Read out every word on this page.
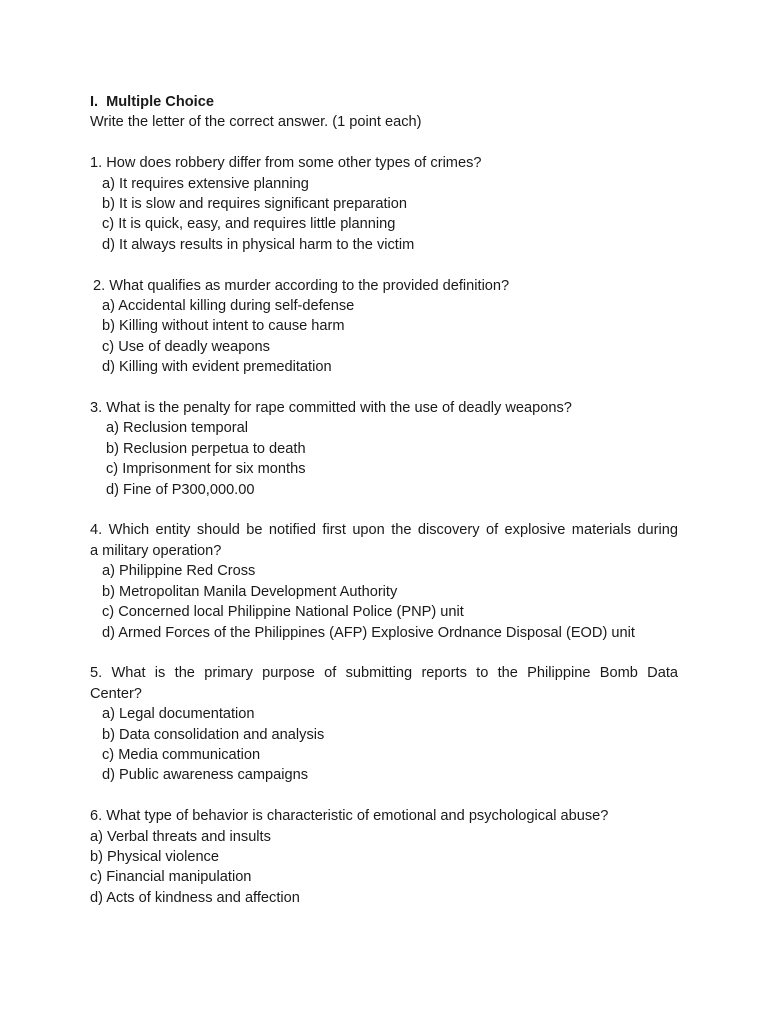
I. Multiple Choice
Write the letter of the correct answer. (1 point each)
1. How does robbery differ from some other types of crimes?
a) It requires extensive planning
b) It is slow and requires significant preparation
c) It is quick, easy, and requires little planning
d) It always results in physical harm to the victim
2. What qualifies as murder according to the provided definition?
a) Accidental killing during self-defense
b) Killing without intent to cause harm
c) Use of deadly weapons
d) Killing with evident premeditation
3. What is the penalty for rape committed with the use of deadly weapons?
a) Reclusion temporal
b) Reclusion perpetua to death
c) Imprisonment for six months
d) Fine of P300,000.00
4. Which entity should be notified first upon the discovery of explosive materials during
a military operation?
a) Philippine Red Cross
b) Metropolitan Manila Development Authority
c) Concerned local Philippine National Police (PNP) unit
d) Armed Forces of the Philippines (AFP) Explosive Ordnance Disposal (EOD) unit
5. What is the primary purpose of submitting reports to the Philippine Bomb Data
Center?
a) Legal documentation
b) Data consolidation and analysis
c) Media communication
d) Public awareness campaigns
6. What type of behavior is characteristic of emotional and psychological abuse?
a) Verbal threats and insults
b) Physical violence
c) Financial manipulation
d) Acts of kindness and affection
